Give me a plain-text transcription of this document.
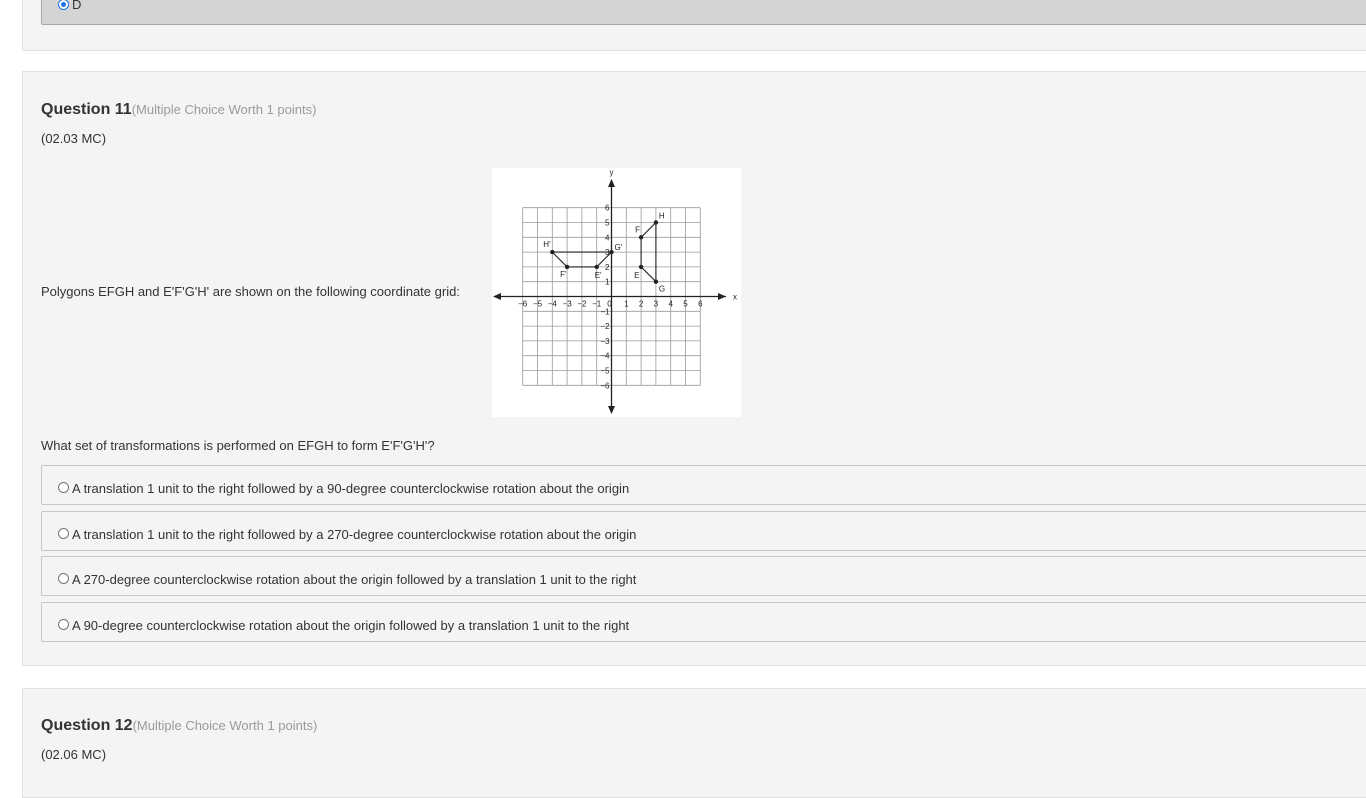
D
Question 11(Multiple Choice Worth 1 points)
(02.03 MC)
Polygons EFGH and E'F'G'H' are shown on the following coordinate grid:	x
y
−6 −5 −4 −3 −2 −1 0 1 2 3 4 5 6
6
5
4
3
2
1
−1
−2
−3
−4
−5
−6
E
F
H
G
E'
F'
H'	G'
What set of transformations is performed on EFGH to form E'F'G'H'?
A translation 1 unit to the right followed by a 90-degree counterclockwise rotation about the origin
A translation 1 unit to the right followed by a 270-degree counterclockwise rotation about the origin
A 270-degree counterclockwise rotation about the origin followed by a translation 1 unit to the right
A 90-degree counterclockwise rotation about the origin followed by a translation 1 unit to the right
Question 12(Multiple Choice Worth 1 points)
(02.06 MC)
